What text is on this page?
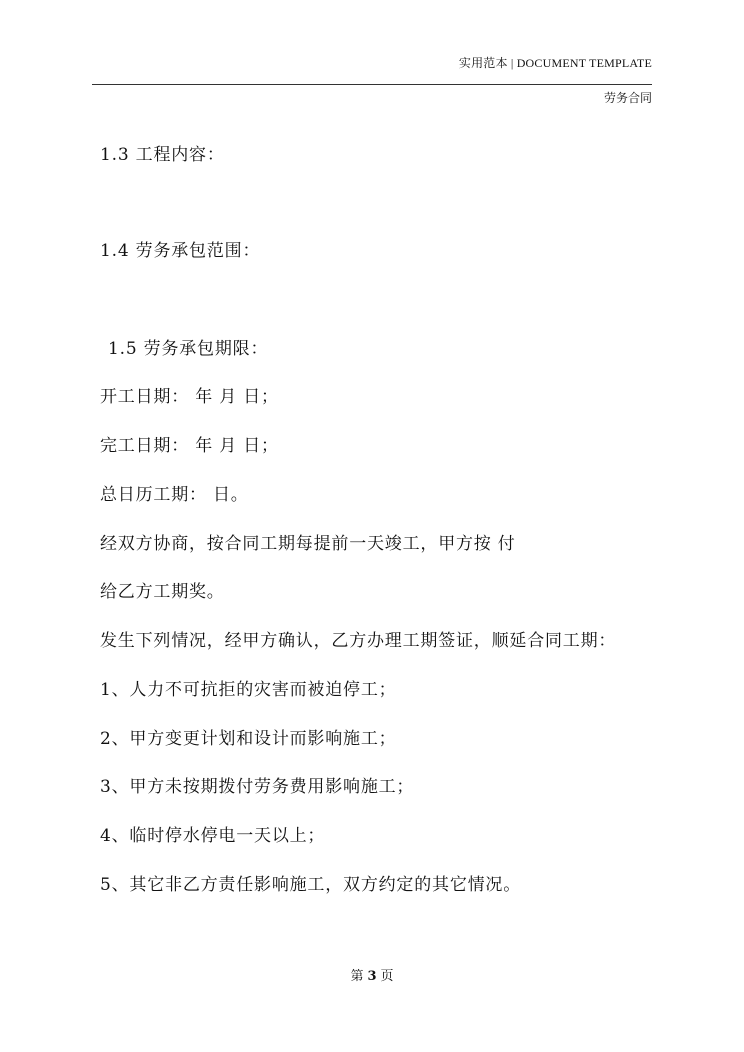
实用范本 | DOCUMENT TEMPLATE
劳务合同
1.3 工程内容：
1.4 劳务承包范围：
1.5 劳务承包期限：
开工日期： 年 月 日；
完工日期： 年 月 日；
总日历工期： 日。
经双方协商，按合同工期每提前一天竣工，甲方按 付
给乙方工期奖。
发生下列情况，经甲方确认，乙方办理工期签证，顺延合同工期：
1、人力不可抗拒的灾害而被迫停工；
2、甲方变更计划和设计而影响施工；
3、甲方未按期拨付劳务费用影响施工；
4、临时停水停电一天以上；
5、其它非乙方责任影响施工，双方约定的其它情况。
第 3 页
